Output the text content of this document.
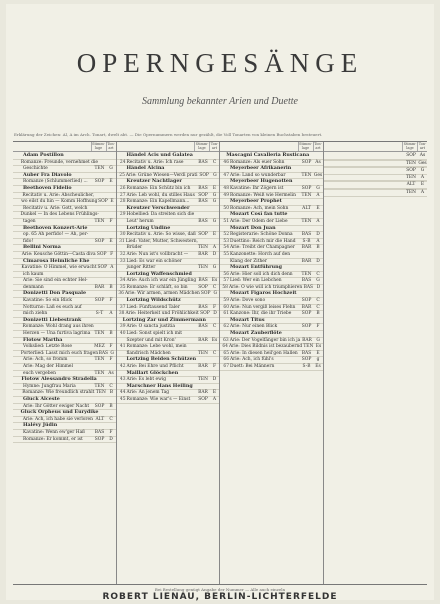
OPERNGESÄNGE
Sammlung bekannter Arien und Duette
Erklärung der Zeichen: Al, A im Arch. Tonart, dwelt abt. — Die Opernummern werden nur gezählt, die Voll Tonarten von kleinen Buchstaben besteuert.
Stimm-lage
Ton-art
Adam Postillon
Romanze: Freunde, vernehmet die
Geschichte	TEN	G
Auber Fra Diavolo
Romanze (Schlummerlied) ...	SOP	E
Beethoven Fidelio
Recitativ u. Arie: Abscheulicher,
wo eilst du hin — Komm Hoffnung SOP E
Recitativ u. Arie: Gott, welch
Dunkel — In des Lebens Frühlings-
tagen	TEN	F
Beethoven Konzert-Arie
op. 65 Ah perfido! — Ah, per-
fido!	SOP	E
Bellini Norma
Arie: Keusche Göttin—Casta diva SOP F
Cimarosa Heimliche Ehe
Kavatine: O Himmel, wie erwacht SOP A
ich kaum
Arie: Sie sind ein echter Hel-
denmann	BAR	B
Donizetti Don Pasquale
Kavatine: So ein Blick	SOP	F
Notturno: Laß es euch auf
mich ziehn	S-T	A
Donizetti Liebestrank
Romanze: Wohl drang aus ihren
Herzen — Una furtiva lagrima TEN	B
Flotow Martha
Volkslied: Letzte Rose	MEZ	F
Porterlied: Lasst mich euch fragen BAS G
Arie: Ach, so fromm	TEN	F
Arie: Mag der Himmel
euch vergeben	TEN As
Flotow Alessandro Stradella
Hymne: Jungfrau Maria	TEN	C
Romanze: Wie freundlich strahlt TEN B
Gluck Alceste
Arie: Ihr Götter ewiger Nacht	SOP	B
Gluck Orpheus und Eurydike
Arie: Ach, ich habe sie verloren ALT	C
Halévy Jüdin
Kavatine: Wenn ew'ger Haß	BAS	F
Romanze: Er kommt, er ist	SOP	D
Stimm-lage
Ton-art
Händel Acis und Galatea
24 Recitativ u. Arie: Ich rase	BAS	C
Händel Alcina
25 Arie: Grüne Wiesen—Verdi prati SOP G
Kreutzer Nachtlager
26 Romanze: Ein Schütz bin ich	BAS	E
27 Arie: Leb wohl, du stilles Haus SOP	G
28 Romanze: Ein Kapellmann...	BAS	G
Kreutzer Verschwender
29 Hobellied: Da streiten sich die
Leut' herum	BAS	G
Lortzing Undine
30 Recitativ u. Arie: So wisse, daß SOP	E
31 Lied: Vater, Mutter, Schwestern,
Brüder	TEN	A
32 Arie: Nun ist's vollbracht —	BAR	D
33 Lied: Es war ein schöner
junger Ritter	TEN	G
Lortzing Waffenschmied
34 Arie: Auch ich war ein Jüngling BAS Es
35 Romanze: Er schläft, so bin	SOP	C
36 Arie: Wir armen, armen Mädchen SOP G
Lortzing Wildschütz
37 Lied: Fünftausend Taler	BAS	F
38 Arie: Heiterkeit und Fröhlichkeit SOP D
Lortzing Zar und Zimmermann
39 Arie: O sancta justitia	BAS	C
40 Lied: Sonst spielt ich mit
Szepter und mit Kron'	BAR Es
41 Romanze: Lebe wohl, mein
flandrisch Mädchen	TEN	C
Lortzing Beiden Schützen
42 Arie: Bei Ehre und Pflicht	BAR	F
Maillart Glöckchen
43 Arie: Es lebt ewig	TEN	D
Marschner Hans Heiling
44 Arie: An jenem Tag	BAR	E
45 Romanze: Wie war's — Einst	SOP	A
Stimm-lage
Ton-art
Mascagni Cavalleria Rusticana
46 Romanze: Als euer Sohn	SOP As
Meyerbeer Afrikanerin
47 Arie: Land so wunderbar	TEN Ges
Meyerbeer Hugenotten
48 Kavatine: Ihr Zögern ist	SOP	G
49 Romanze: Weiß wie Hermelin	TEN	A
Meyerbeer Prophet
50 Romanze: Ach, mein Sohn	ALT	E
Mozart Così fan tutte
51 Arie: Der Odem der Liebe	TEN	A
Mozart Don Juan
52 Registerarie: Schöne Donna	BAS	D
53 Duettino: Reich mir die Hand	S-B	A
54 Arie: Treibt der Champagner	BAR	B
55 Kanzonette: Horch auf den
Klang der Zither	BAR	D
Mozart Entführung
56 Arie: Hier soll ich dich denn	TEN	C
57 Lied: Wer ein Liebchen	BAS	G
58 Arie: O wie will ich triumphieren BAS D
Mozart Figaros Hochzeit
59 Arie: Dove sono	SOP	C
60 Arie: Nun vergiß leises Flehn	BAR	C
61 Kanzone: Ihr, die ihr Triebe	SOP	B
Mozart Titus
62 Arie: Nur einen Blick	SOP	F
Mozart Zauberflöte
63 Arie: Der Vogelfänger bin ich ja BAR	G
64 Arie: Dies Bildnis ist bezaubernd TEN Es
65 Arie: In diesen heil'gen Hallen BAS	E
66 Arie: Ach, ich fühl's	SOP	g
67 Duett: Bei Männern	S-B	Es
Stimm-lage
Ton-art
SOP As
TEN Ges
SOP	G
TEN	A
ALT	E
TEN	A
Bei Bestellung genügt Angabe der Nummer — Alle auch einzeln
ROBERT LIENAU, BERLIN-LICHTERFELDE
